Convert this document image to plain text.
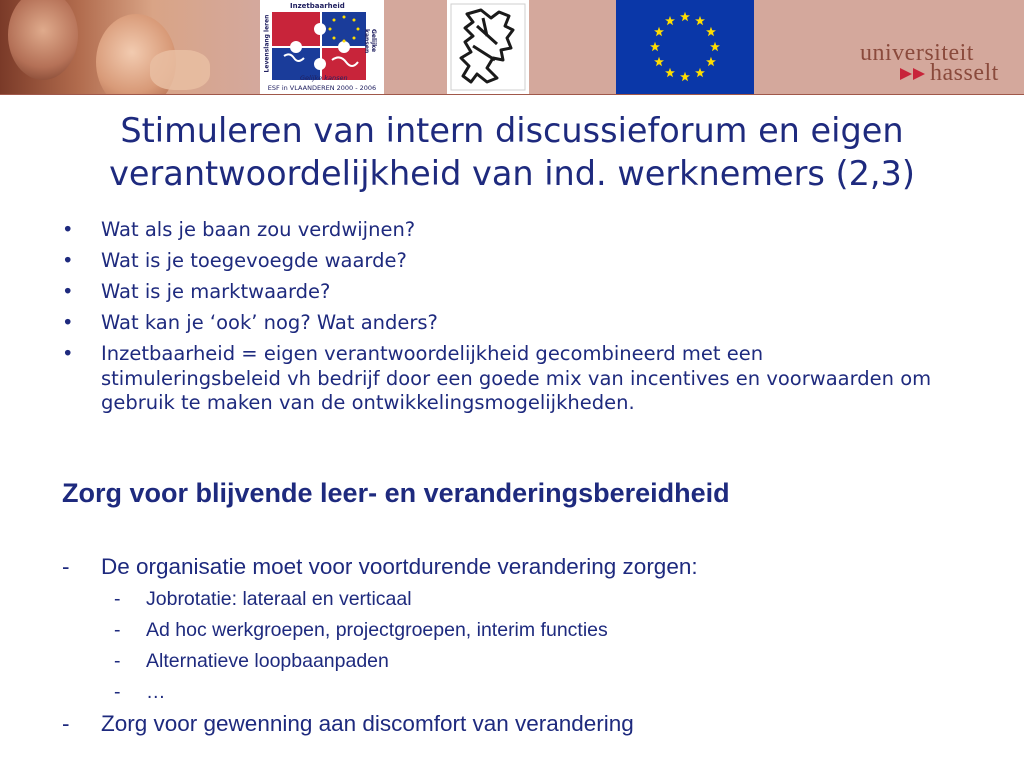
Inzetbaarheid
Levenslang leren	Gelijke kansen
Gelijke kansen
ESF in VLAANDEREN 2000 - 2006
universiteit
hasselt
Stimuleren van intern discussieforum en eigen
verantwoordelijkheid van ind. werknemers (2,3)
• Wat als je baan zou verdwijnen?
• Wat is je toegevoegde waarde?
• Wat is je marktwaarde?
• Wat kan je ‘ook’ nog? Wat anders?
• Inzetbaarheid = eigen verantwoordelijkheid gecombineerd met een stimuleringsbeleid vh bedrijf door een goede mix van incentives en voorwaarden om gebruik te maken van de ontwikkelingsmogelijkheden.
Zorg voor blijvende leer- en veranderingsbereidheid
- De organisatie moet voor voortdurende verandering zorgen:
- Jobrotatie: lateraal en verticaal
- Ad hoc werkgroepen, projectgroepen, interim functies
- Alternatieve loopbaanpaden
- …
- Zorg voor gewenning aan discomfort van verandering
